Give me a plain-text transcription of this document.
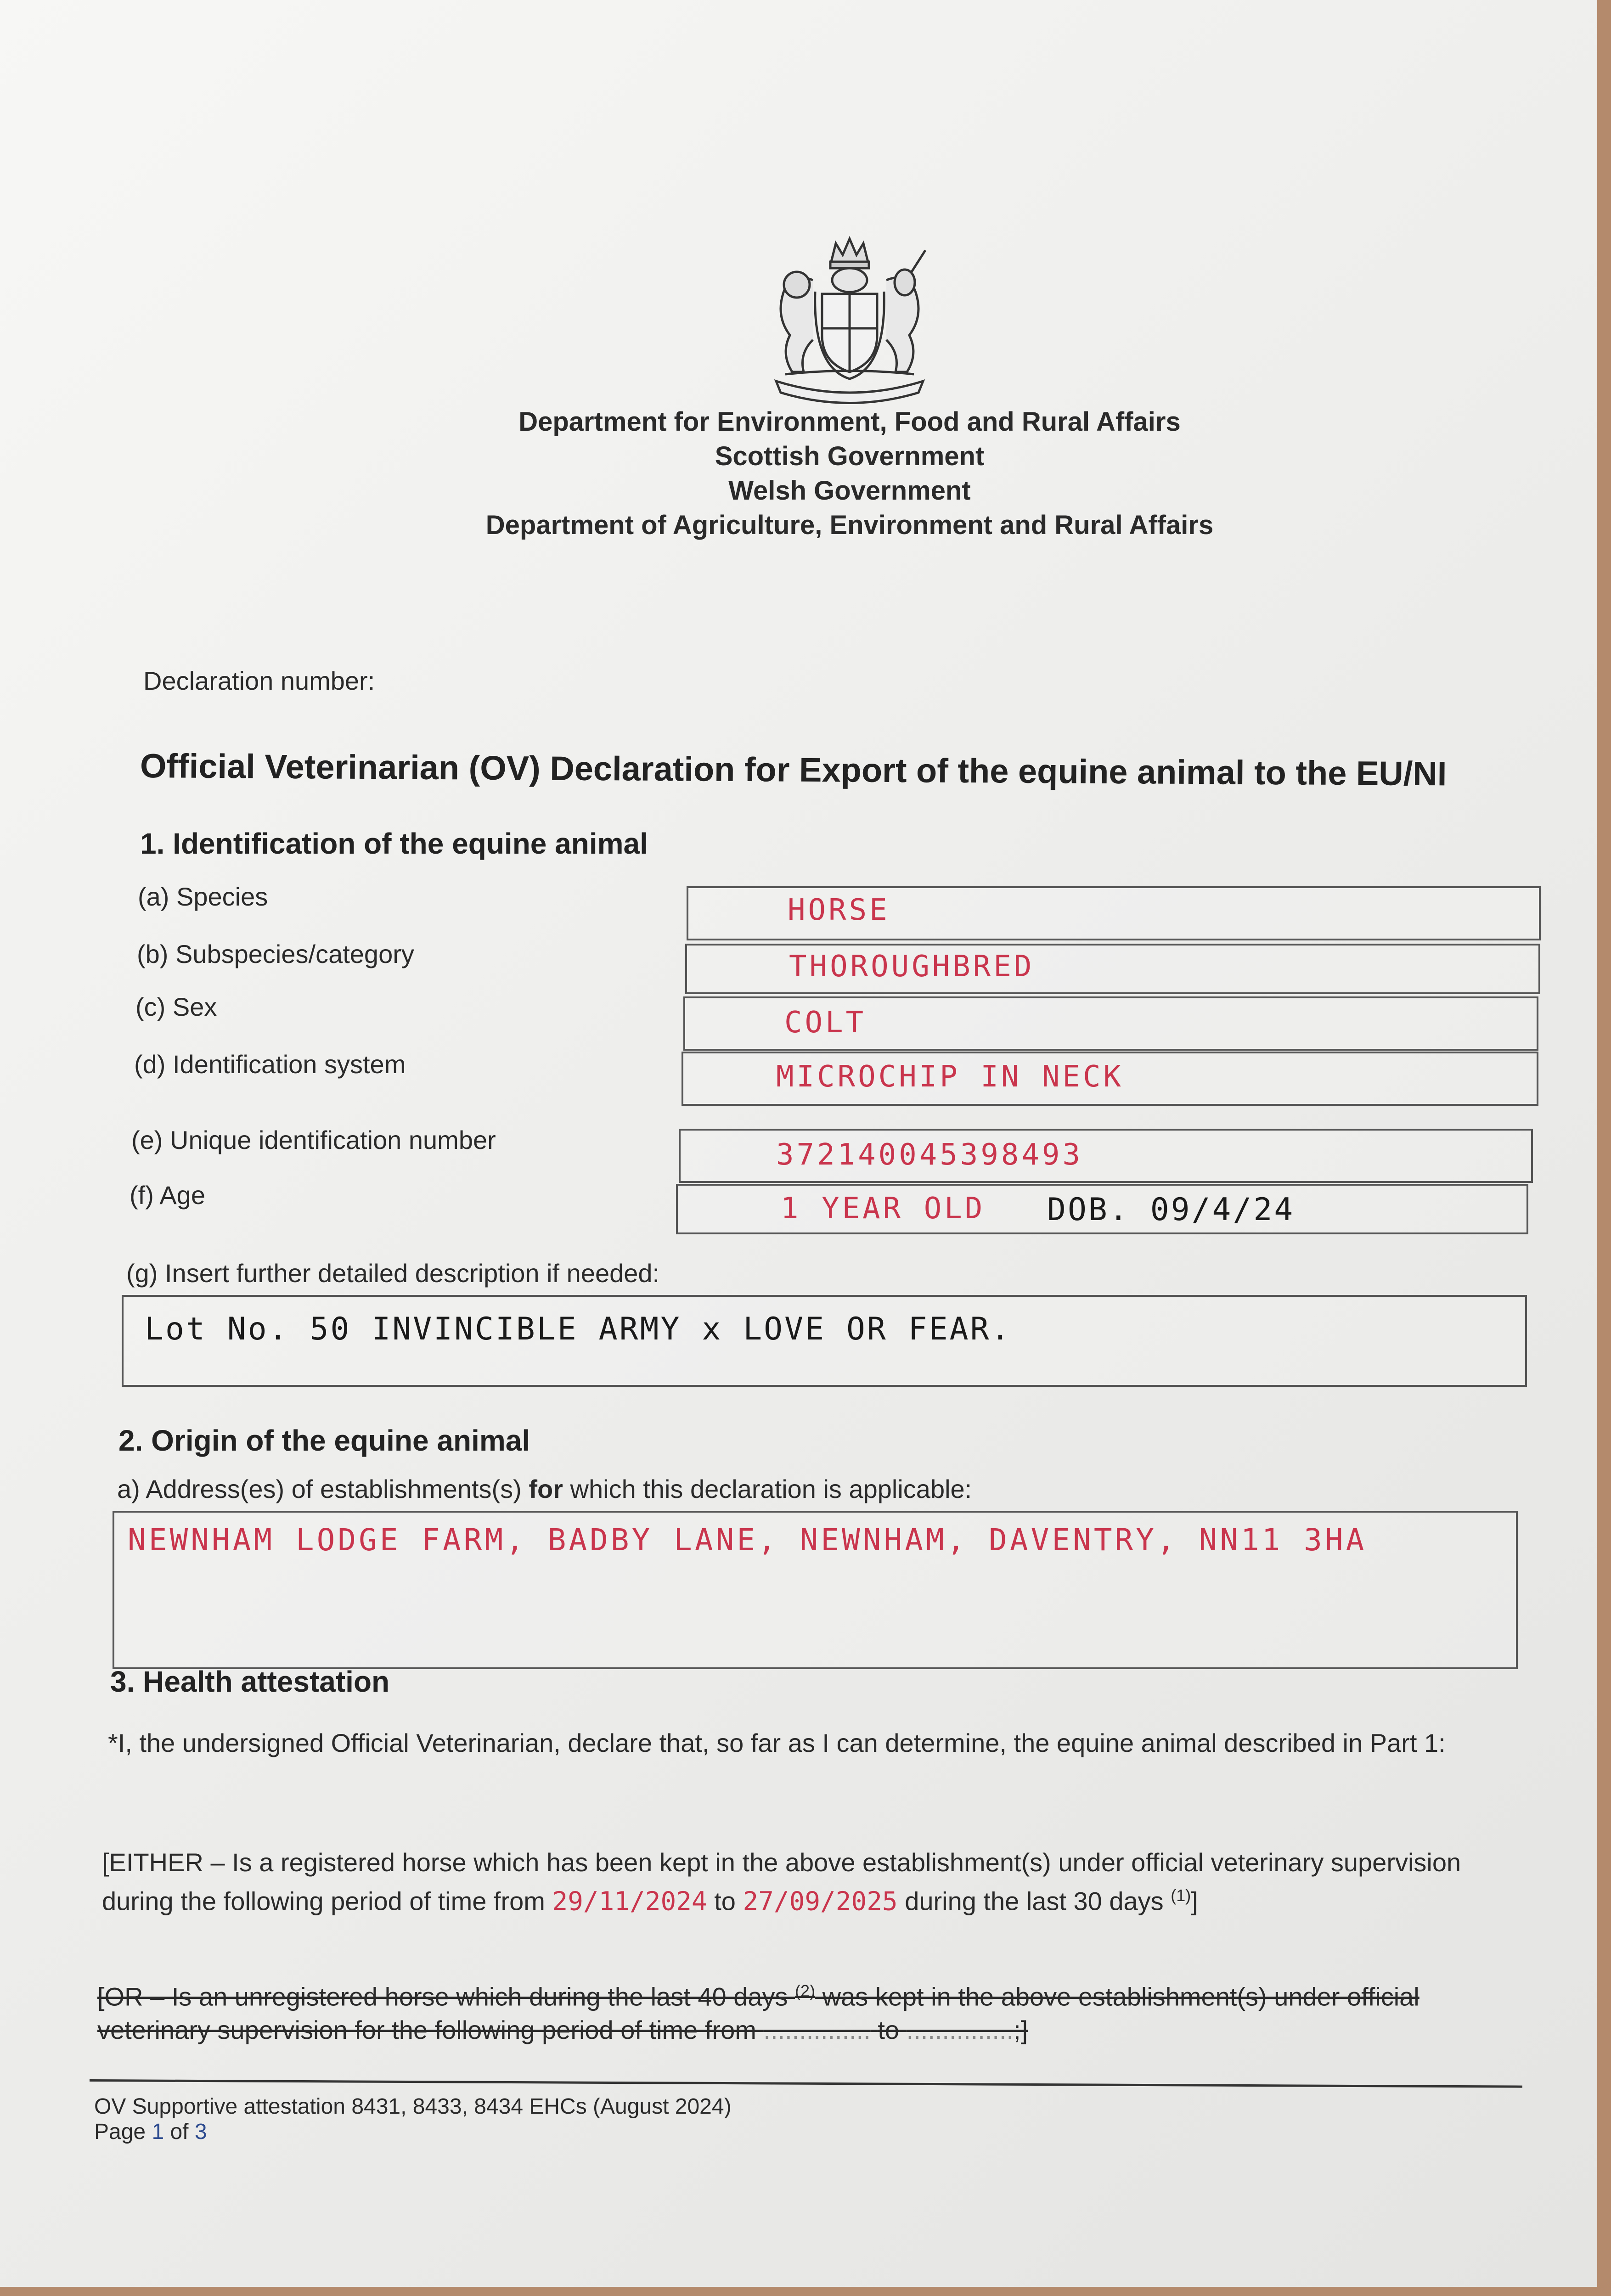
Department for Environment, Food and Rural Affairs
Scottish Government
Welsh Government
Department of Agriculture, Environment and Rural Affairs
Declaration number:
Official Veterinarian (OV) Declaration for Export of the equine animal to the EU/NI
1. Identification of the equine animal
(a) Species	HORSE
(b) Subspecies/category	THOROUGHBRED
(c) Sex	COLT
(d) Identification system	MICROCHIP IN NECK
(e) Unique identification number	372140045398493
(f) Age	1 YEAR OLD DOB. 09/4/24
(g) Insert further detailed description if needed:
Lot No. 50 INVINCIBLE ARMY x LOVE OR FEAR.
2. Origin of the equine animal
a) Address(es) of establishments(s) for which this declaration is applicable:
NEWNHAM LODGE FARM, BADBY LANE, NEWNHAM, DAVENTRY, NN11 3HA
3. Health attestation
*I, the undersigned Official Veterinarian, declare that, so far as I can determine, the equine animal described in Part 1:
[EITHER – Is a registered horse which has been kept in the above establishment(s) under official veterinary supervision during the following period of time from 29/11/2024 to 27/09/2025 during the last 30 days $^{(1)}$]
[OR – Is an unregistered horse which during the last 40 days $^{(2)}$ was kept in the above establishment(s) under official veterinary supervision for the following period of time from ............... to ...............;]
OV Supportive attestation 8431, 8433, 8434 EHCs (August 2024)
Page 1 of 3
